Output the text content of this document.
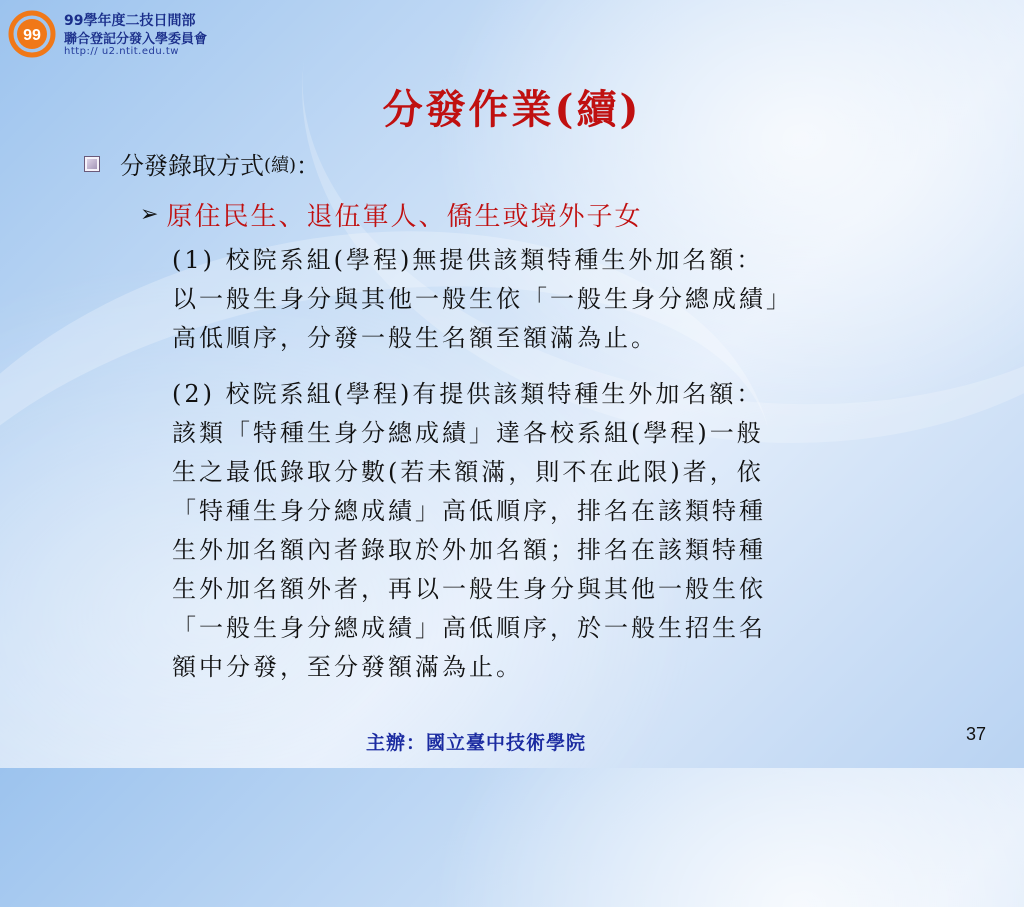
99
99學年度二技日間部
聯合登記分發入學委員會
http:// u2.ntit.edu.tw
分發作業(續)
分發錄取方式 (續) ：
➢ 原住民生、退伍軍人、僑生或境外子女
(1) 校院系組(學程)無提供該類特種生外加名額：
以一般生身分與其他一般生依「一般生身分總成績」
高低順序，分發一般生名額至額滿為止。
(2) 校院系組(學程)有提供該類特種生外加名額：
該類「特種生身分總成績」達各校系組(學程)一般
生之最低錄取分數(若未額滿，則不在此限)者，依
「特種生身分總成績」高低順序，排名在該類特種
生外加名額內者錄取於外加名額；排名在該類特種
生外加名額外者，再以一般生身分與其他一般生依
「一般生身分總成績」高低順序，於一般生招生名
額中分發，至分發額滿為止。
主辦：國立臺中技術學院	37
